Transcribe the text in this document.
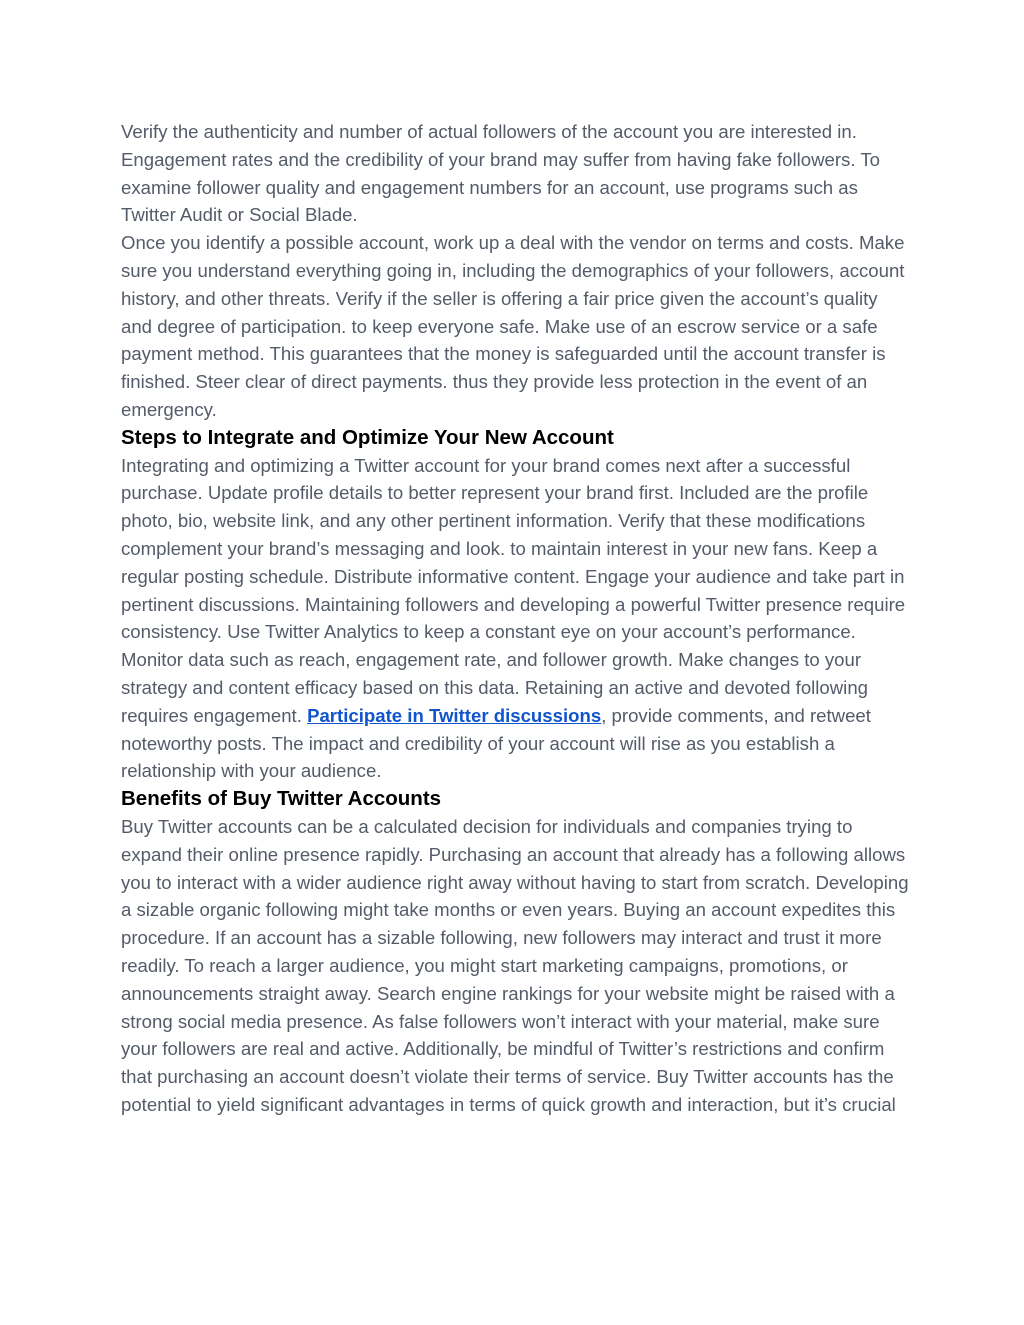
Verify the authenticity and number of actual followers of the account you are interested in. Engagement rates and the credibility of your brand may suffer from having fake followers. To examine follower quality and engagement numbers for an account, use programs such as Twitter Audit or Social Blade.

Once you identify a possible account, work up a deal with the vendor on terms and costs. Make sure you understand everything going in, including the demographics of your followers, account history, and other threats. Verify if the seller is offering a fair price given the account’s quality and degree of participation. to keep everyone safe. Make use of an escrow service or a safe payment method. This guarantees that the money is safeguarded until the account transfer is finished. Steer clear of direct payments. thus they provide less protection in the event of an emergency.

Steps to Integrate and Optimize Your New Account

Integrating and optimizing a Twitter account for your brand comes next after a successful purchase. Update profile details to better represent your brand first. Included are the profile photo, bio, website link, and any other pertinent information. Verify that these modifications complement your brand’s messaging and look. to maintain interest in your new fans. Keep a regular posting schedule. Distribute informative content. Engage your audience and take part in pertinent discussions. Maintaining followers and developing a powerful Twitter presence require consistency. Use Twitter Analytics to keep a constant eye on your account’s performance. Monitor data such as reach, engagement rate, and follower growth. Make changes to your strategy and content efficacy based on this data. Retaining an active and devoted following requires engagement. Participate in Twitter discussions, provide comments, and retweet noteworthy posts. The impact and credibility of your account will rise as you establish a relationship with your audience.

Benefits of Buy Twitter Accounts

Buy Twitter accounts can be a calculated decision for individuals and companies trying to expand their online presence rapidly. Purchasing an account that already has a following allows you to interact with a wider audience right away without having to start from scratch. Developing a sizable organic following might take months or even years. Buying an account expedites this procedure. If an account has a sizable following, new followers may interact and trust it more readily. To reach a larger audience, you might start marketing campaigns, promotions, or announcements straight away. Search engine rankings for your website might be raised with a strong social media presence. As false followers won’t interact with your material, make sure your followers are real and active. Additionally, be mindful of Twitter’s restrictions and confirm that purchasing an account doesn’t violate their terms of service. Buy Twitter accounts has the potential to yield significant advantages in terms of quick growth and interaction, but it’s crucial
